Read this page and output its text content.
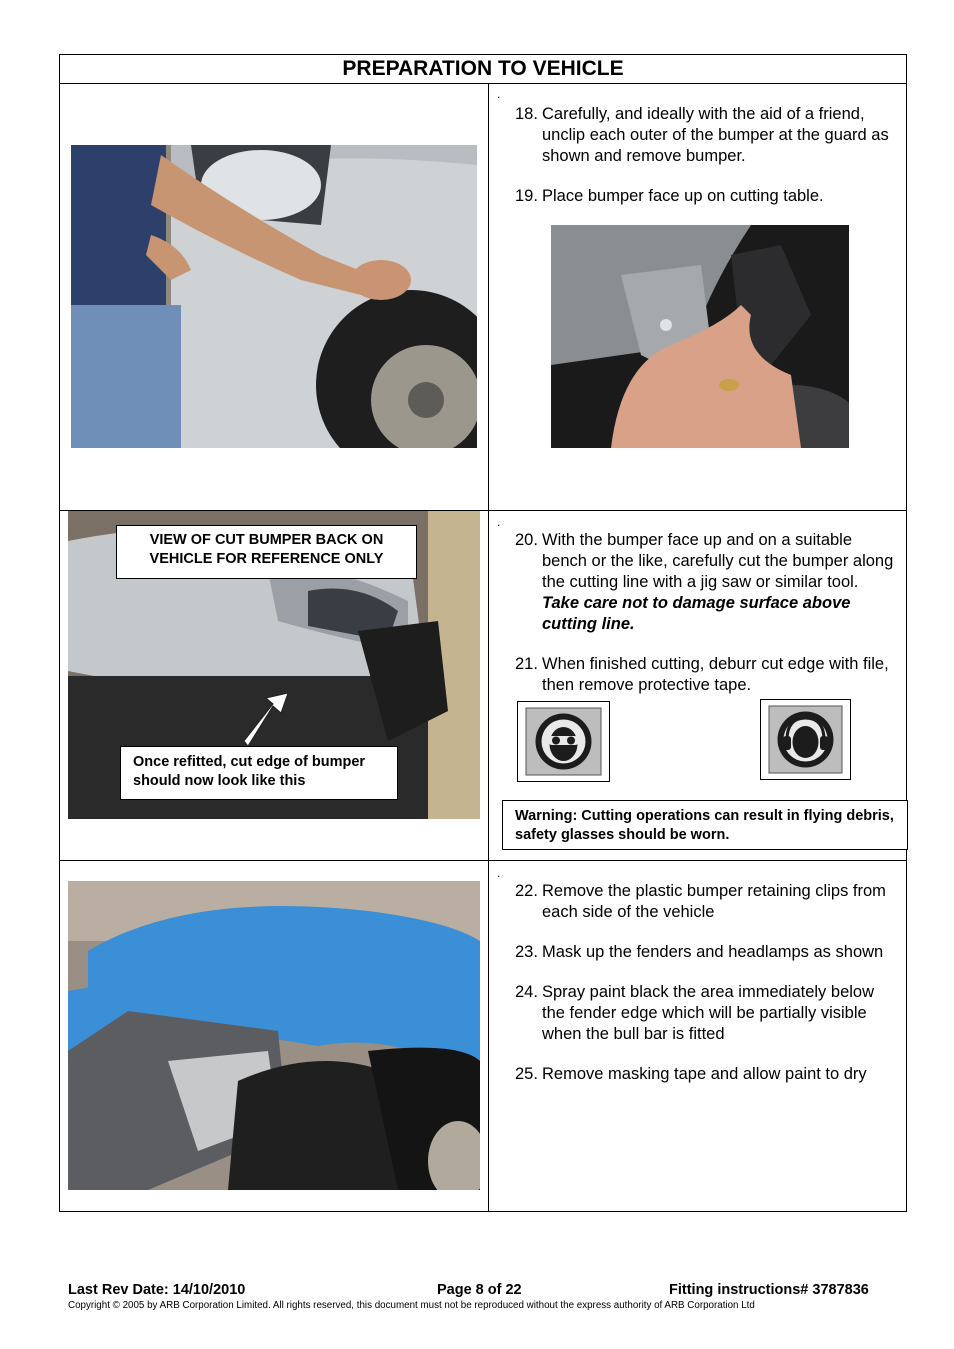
PREPARATION TO VEHICLE
.
18. Carefully, and ideally with the aid of a friend, unclip each outer of the bumper at the guard as shown and remove bumper.
19. Place bumper face up on cutting table.
.
VIEW OF CUT BUMPER BACK ON VEHICLE FOR REFERENCE ONLY
Once refitted, cut edge of bumper should now look like this
20. With the bumper face up and on a suitable bench or the like, carefully cut the bumper along the cutting line with a jig saw or similar tool.  Take care not to damage surface above cutting line.
21. When finished cutting, deburr cut edge with file, then remove protective tape.
Warning: Cutting operations can result in flying debris, safety glasses should be worn.
.
22. Remove the plastic bumper retaining clips from each side of the vehicle
23. Mask up the fenders and headlamps as shown
24. Spray paint black the area immediately below the fender edge which will be partially visible when the bull bar is fitted
25. Remove masking tape and allow paint to dry
Last Rev Date: 14/10/2010	Page 8 of 22	Fitting instructions# 3787836
Copyright © 2005 by ARB Corporation Limited. All rights reserved, this document must not be reproduced without the express authority of ARB Corporation Ltd
